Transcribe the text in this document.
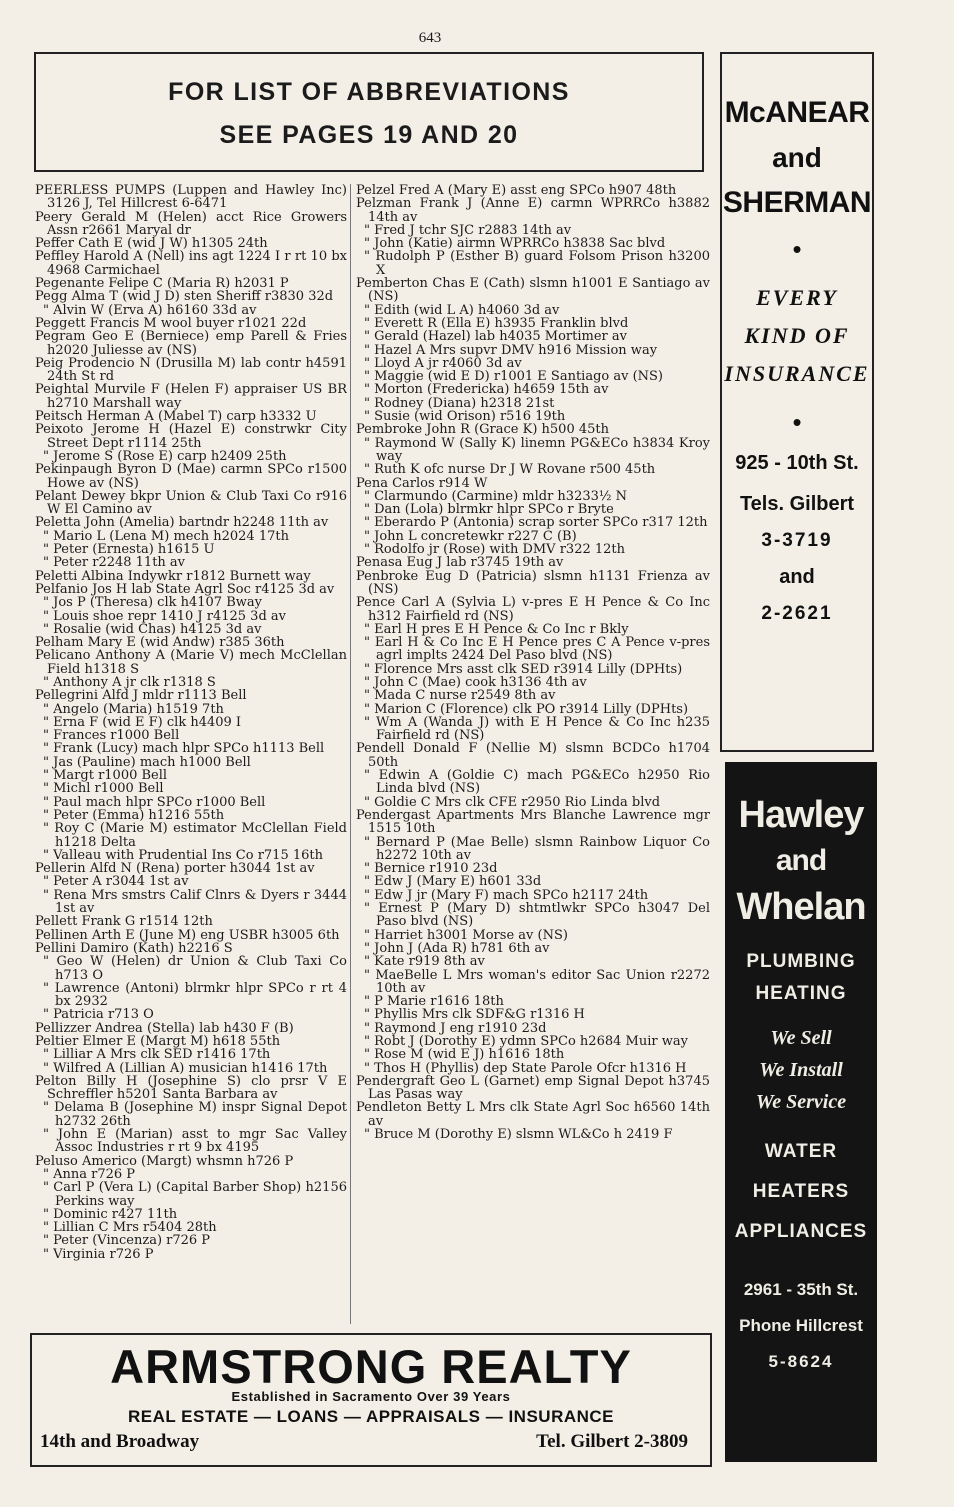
643
FOR LIST OF ABBREVIATIONS
SEE PAGES 19 AND 20
PEERLESS PUMPS (Luppen and Hawley Inc) 3126 J, Tel Hillcrest 6-6471
Peery Gerald M (Helen) acct Rice Growers Assn r2661 Maryal dr
Peffer Cath E (wid J W) h1305 24th
Peffley Harold A (Nell) ins agt 1224 I r rt 10 bx 4968 Carmichael
Pegenante Felipe C (Maria R) h2031 P
Pegg Alma T (wid J D) sten Sheriff r3830 32d
" Alvin W (Erva A) h6160 33d av
Peggett Francis M wool buyer r1021 22d
Pegram Geo E (Berniece) emp Parell & Fries h2020 Juliesse av (NS)
Peig Prodencio N (Drusilla M) lab contr h4591 24th St rd
Peightal Murvile F (Helen F) appraiser US BR h2710 Marshall way
Peitsch Herman A (Mabel T) carp h3332 U
Peixoto Jerome H (Hazel E) constrwkr City Street Dept r1114 25th
" Jerome S (Rose E) carp h2409 25th
Pekinpaugh Byron D (Mae) carmn SPCo r1500 Howe av (NS)
Pelant Dewey bkpr Union & Club Taxi Co r916 W El Camino av
Peletta John (Amelia) bartndr h2248 11th av
" Mario L (Lena M) mech h2024 17th
" Peter (Ernesta) h1615 U
" Peter r2248 11th av
Peletti Albina Indywkr r1812 Burnett way
Pelfanio Jos H lab State Agrl Soc r4125 3d av
" Jos P (Theresa) clk h4107 Bway
" Louis shoe repr 1410 J r4125 3d av
" Rosalie (wid Chas) h4125 3d av
Pelham Mary E (wid Andw) r385 36th
Pelicano Anthony A (Marie V) mech McClellan Field h1318 S
" Anthony A jr clk r1318 S
Pellegrini Alfd J mldr r1113 Bell
" Angelo (Maria) h1519 7th
" Erna F (wid E F) clk h4409 I
" Frances r1000 Bell
" Frank (Lucy) mach hlpr SPCo h1113 Bell
" Jas (Pauline) mach h1000 Bell
" Margt r1000 Bell
" Michl r1000 Bell
" Paul mach hlpr SPCo r1000 Bell
" Peter (Emma) h1216 55th
" Roy C (Marie M) estimator McClellan Field h1218 Delta
" Valleau with Prudential Ins Co r715 16th
Pellerin Alfd N (Rena) porter h3044 1st av
" Peter A r3044 1st av
" Rena Mrs smstrs Calif Clnrs & Dyers r 3444 1st av
Pellett Frank G r1514 12th
Pellinen Arth E (June M) eng USBR h3005 6th
Pellini Damiro (Kath) h2216 S
" Geo W (Helen) dr Union & Club Taxi Co h713 O
" Lawrence (Antoni) blrmkr hlpr SPCo r rt 4 bx 2932
" Patricia r713 O
Pellizzer Andrea (Stella) lab h430 F (B)
Peltier Elmer E (Margt M) h618 55th
" Lilliar A Mrs clk SED r1416 17th
" Wilfred A (Lillian A) musician h1416 17th
Pelton Billy H (Josephine S) clo prsr V E Schreffler h5201 Santa Barbara av
" Delama B (Josephine M) inspr Signal Depot h2732 26th
" John E (Marian) asst to mgr Sac Valley Assoc Industries r rt 9 bx 4195
Peluso Americo (Margt) whsmn h726 P
" Anna r726 P
" Carl P (Vera L) (Capital Barber Shop) h2156 Perkins way
" Dominic r427 11th
" Lillian C Mrs r5404 28th
" Peter (Vincenza) r726 P
" Virginia r726 P
Pelzel Fred A (Mary E) asst eng SPCo h907 48th
Pelzman Frank J (Anne E) carmn WPRRCo h3882 14th av
" Fred J tchr SJC r2883 14th av
" John (Katie) airmn WPRRCo h3838 Sac blvd
" Rudolph P (Esther B) guard Folsom Prison h3200 X
Pemberton Chas E (Cath) slsmn h1001 E Santiago av (NS)
" Edith (wid L A) h4060 3d av
" Everett R (Ella E) h3935 Franklin blvd
" Gerald (Hazel) lab h4035 Mortimer av
" Hazel A Mrs supvr DMV h916 Mission way
" Lloyd A jr r4060 3d av
" Maggie (wid E D) r1001 E Santiago av (NS)
" Morton (Fredericka) h4659 15th av
" Rodney (Diana) h2318 21st
" Susie (wid Orison) r516 19th
Pembroke John R (Grace K) h500 45th
" Raymond W (Sally K) linemn PG&ECo h3834 Kroy way
" Ruth K ofc nurse Dr J W Rovane r500 45th
Pena Carlos r914 W
" Clarmundo (Carmine) mldr h3233½ N
" Dan (Lola) blrmkr hlpr SPCo r Bryte
" Eberardo P (Antonia) scrap sorter SPCo r317 12th
" John L concretewkr r227 C (B)
" Rodolfo jr (Rose) with DMV r322 12th
Penasa Eug J lab r3745 19th av
Penbroke Eug D (Patricia) slsmn h1131 Frienza av (NS)
Pence Carl A (Sylvia L) v-pres E H Pence & Co Inc h312 Fairfield rd (NS)
" Earl H pres E H Pence & Co Inc r Bkly
" Earl H & Co Inc E H Pence pres C A Pence v-pres agrl implts 2424 Del Paso blvd (NS)
" Florence Mrs asst clk SED r3914 Lilly (DPHts)
" John C (Mae) cook h3136 4th av
" Mada C nurse r2549 8th av
" Marion C (Florence) clk PO r3914 Lilly (DPHts)
" Wm A (Wanda J) with E H Pence & Co Inc h235 Fairfield rd (NS)
Pendell Donald F (Nellie M) slsmn BCDCo h1704 50th
" Edwin A (Goldie C) mach PG&ECo h2950 Rio Linda blvd (NS)
" Goldie C Mrs clk CFE r2950 Rio Linda blvd
Pendergast Apartments Mrs Blanche Lawrence mgr 1515 10th
" Bernard P (Mae Belle) slsmn Rainbow Liquor Co h2272 10th av
" Bernice r1910 23d
" Edw J (Mary E) h601 33d
" Edw J jr (Mary F) mach SPCo h2117 24th
" Ernest P (Mary D) shtmtlwkr SPCo h3047 Del Paso blvd (NS)
" Harriet h3001 Morse av (NS)
" John J (Ada R) h781 6th av
" Kate r919 8th av
" MaeBelle L Mrs woman's editor Sac Union r2272 10th av
" P Marie r1616 18th
" Phyllis Mrs clk SDF&G r1316 H
" Raymond J eng r1910 23d
" Robt J (Dorothy E) ydmn SPCo h2684 Muir way
" Rose M (wid E J) h1616 18th
" Thos H (Phyllis) dep State Parole Ofcr h1316 H
Pendergraft Geo L (Garnet) emp Signal Depot h3745 Las Pasas way
Pendleton Betty L Mrs clk State Agrl Soc h6560 14th av
" Bruce M (Dorothy E) slsmn WL&Co h 2419 F
McANEAR
and
SHERMAN
•
EVERY
KIND OF
INSURANCE
•
925 - 10th St.
Tels. Gilbert
3-3719
and
2-2621
Hawley
and
Whelan
PLUMBING
HEATING
We Sell
We Install
We Service
WATER
HEATERS
APPLIANCES
2961 - 35th St.
Phone Hillcrest
5-8624
ARMSTRONG REALTY
Established in Sacramento Over 39 Years
REAL ESTATE — LOANS — APPRAISALS — INSURANCE
14th and Broadway	Tel. Gilbert 2-3809
